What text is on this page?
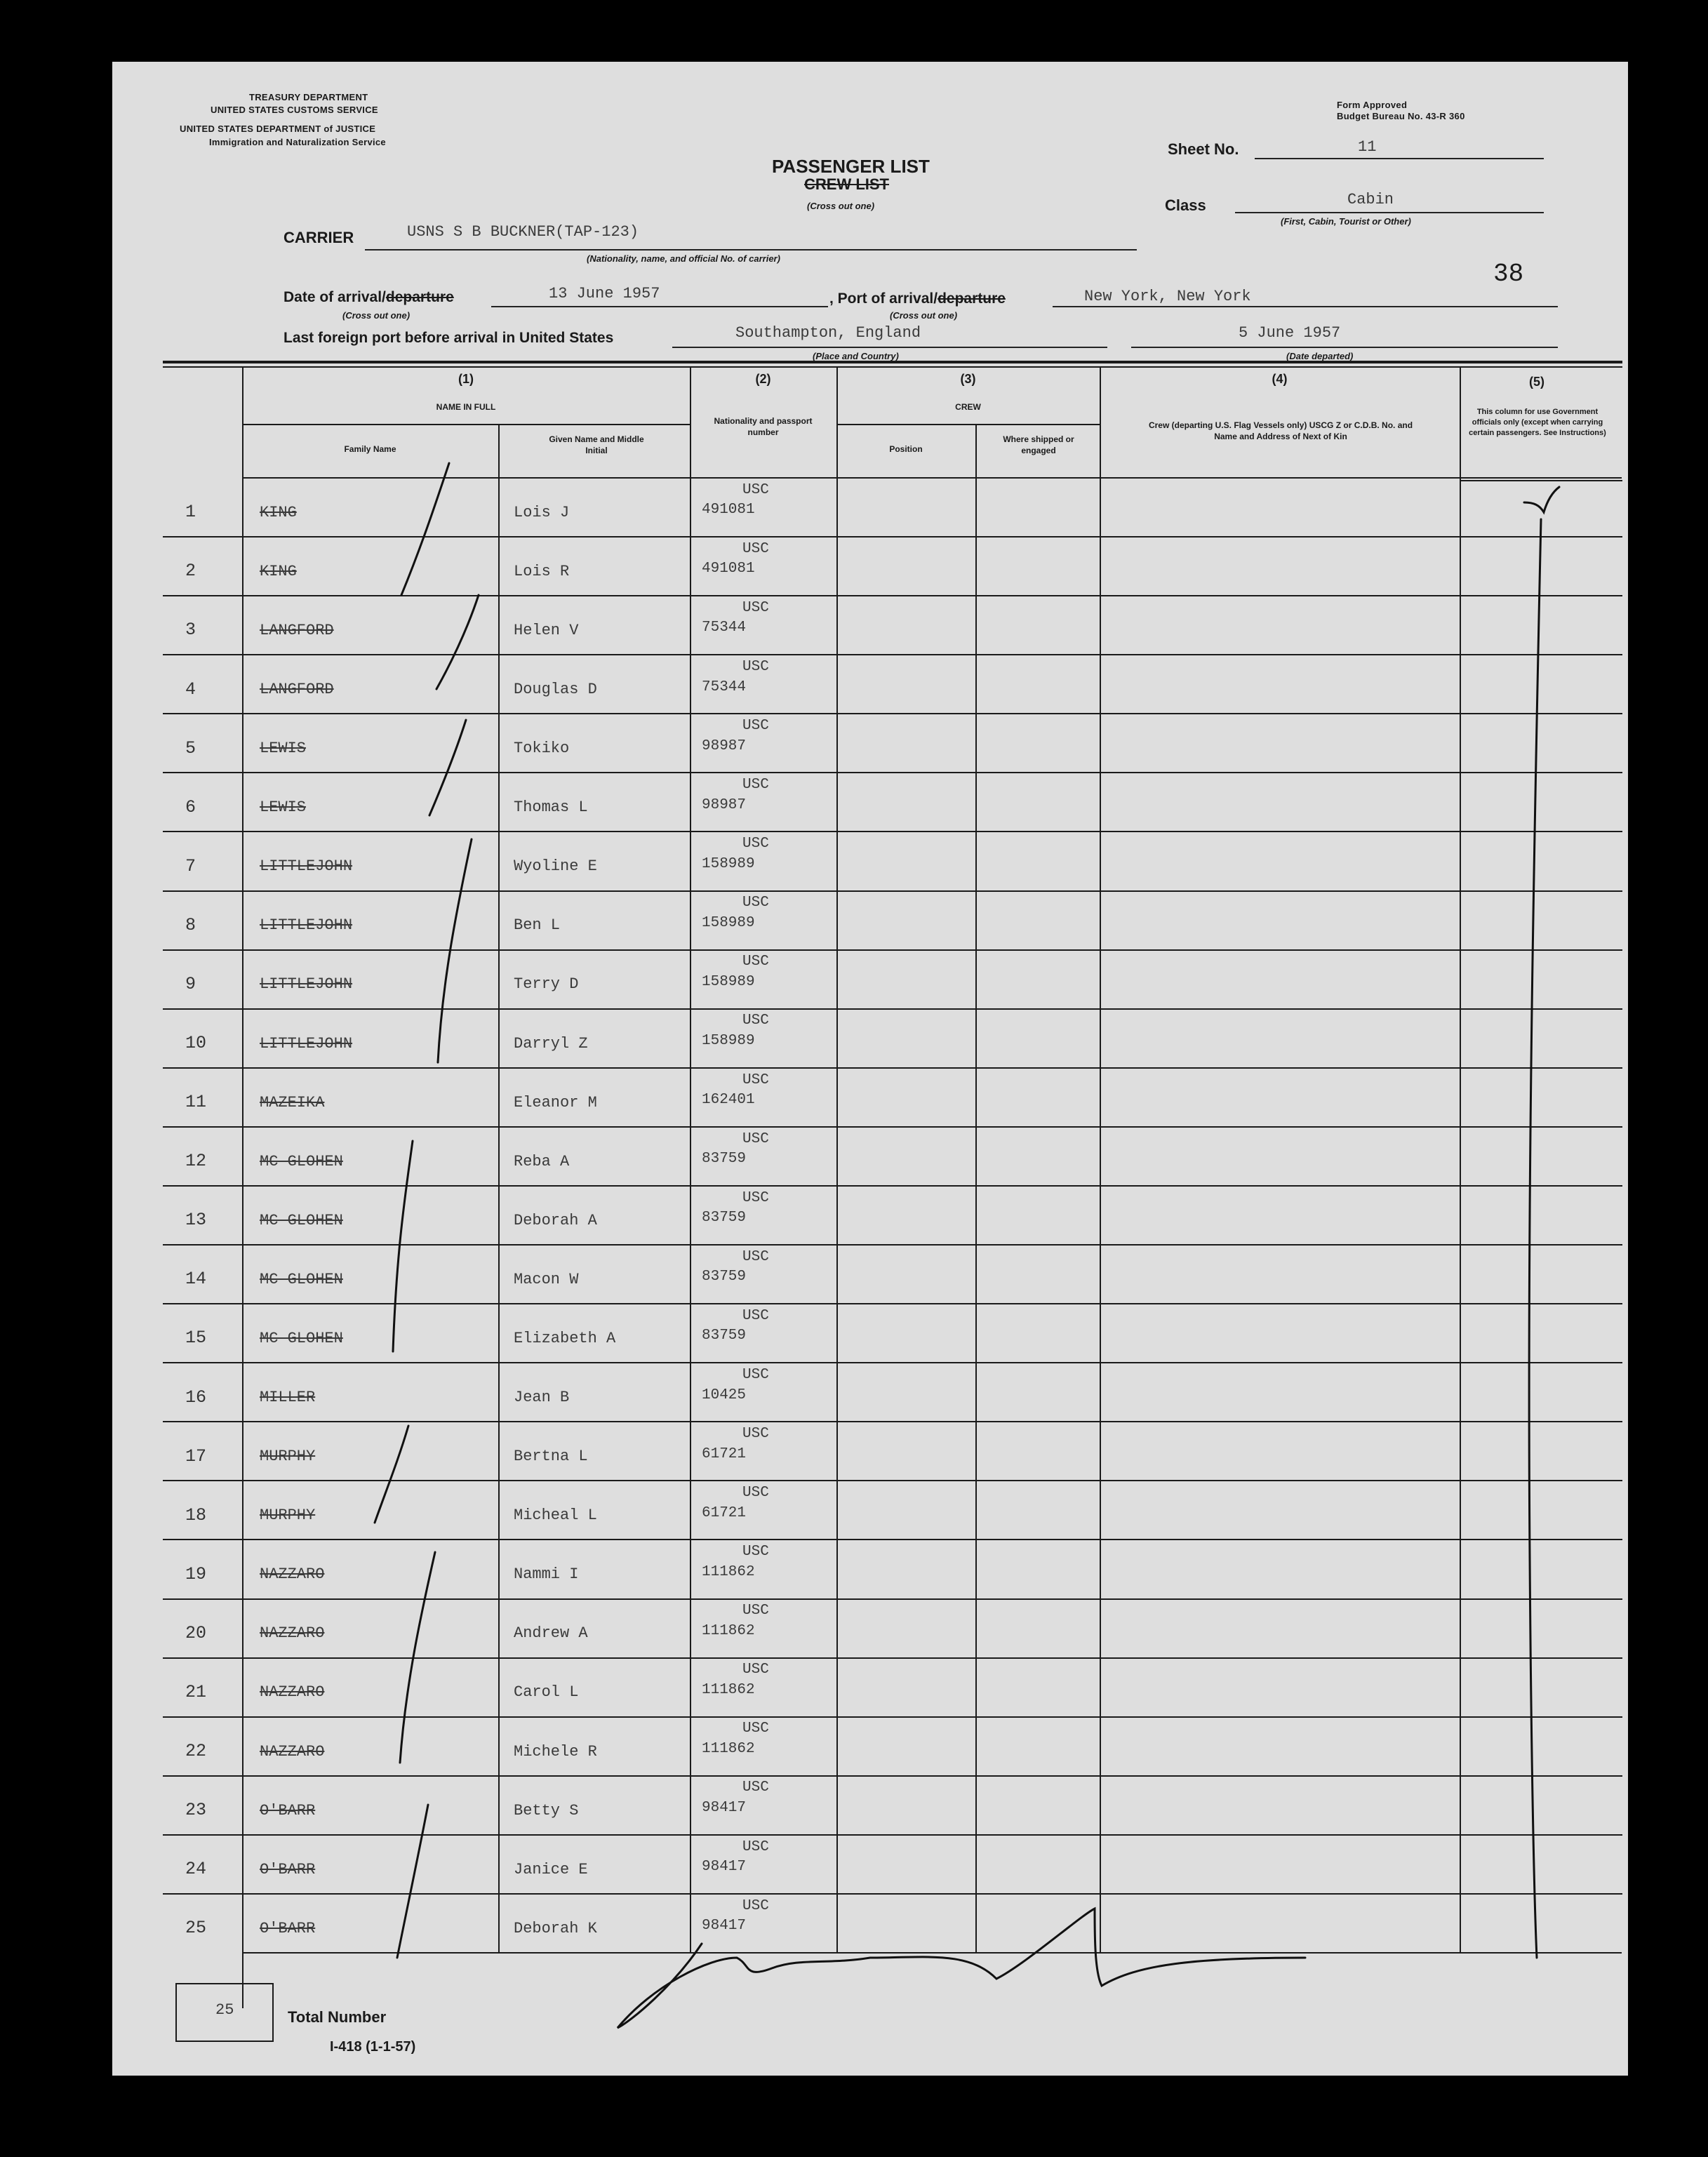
TREASURY DEPARTMENT
UNITED STATES CUSTOMS SERVICE
UNITED STATES DEPARTMENT of JUSTICE
Immigration and Naturalization Service
Form Approved
Budget Bureau No. 43-R 360
PASSENGER LIST
CREW LIST
(Cross out one)
Sheet No.	11
Class	Cabin
(First, Cabin, Tourist or Other)
38
CARRIER	USNS S B BUCKNER(TAP-123)
(Nationality, name, and official No. of carrier)
Date of arrival/departure	13 June 1957
(Cross out one)
, Port of arrival/departure	New York, New York
(Cross out one)
Last foreign port before arrival in United States	Southampton, England
(Place and Country)
5 June 1957
(Date departed)
(1)
NAME IN FULL
Family Name
Given Name and Middle Initial
(2)
Nationality and passport number
(3)
CREW
Position
Where shipped or engaged
(4)
Crew (departing U.S. Flag Vessels only) USCG Z or C.D.B. No. and Name and Address of Next of Kin
(5)
This column for use Government officials only (except when carrying certain passengers. See Instructions)
1	KING	Lois J
USC
491081
2	KING	Lois R
USC
491081
3	LANGFORD	Helen V
USC
75344
4	LANGFORD	Douglas D
USC
75344
5	LEWIS	Tokiko
USC
98987
6	LEWIS	Thomas L
USC
98987
7	LITTLEJOHN	Wyoline E
USC
158989
8	LITTLEJOHN	Ben L
USC
158989
9	LITTLEJOHN	Terry D
USC
158989
10	LITTLEJOHN	Darryl Z
USC
158989
11	MAZEIKA	Eleanor M
USC
162401
12	MC GLOHEN	Reba A
USC
83759
13	MC GLOHEN	Deborah A
USC
83759
14	MC GLOHEN	Macon W
USC
83759
15	MC GLOHEN	Elizabeth A
USC
83759
16	MILLER	Jean B
USC
10425
17	MURPHY	Bertna L
USC
61721
18	MURPHY	Micheal L
USC
61721
19	NAZZARO	Nammi I
USC
111862
20	NAZZARO	Andrew A
USC
111862
21	NAZZARO	Carol L
USC
111862
22	NAZZARO	Michele R
USC
111862
23	O'BARR	Betty S
USC
98417
24	O'BARR	Janice E
USC
98417
25	O'BARR	Deborah K
USC
98417
25	Total Number
I-418 (1-1-57)
